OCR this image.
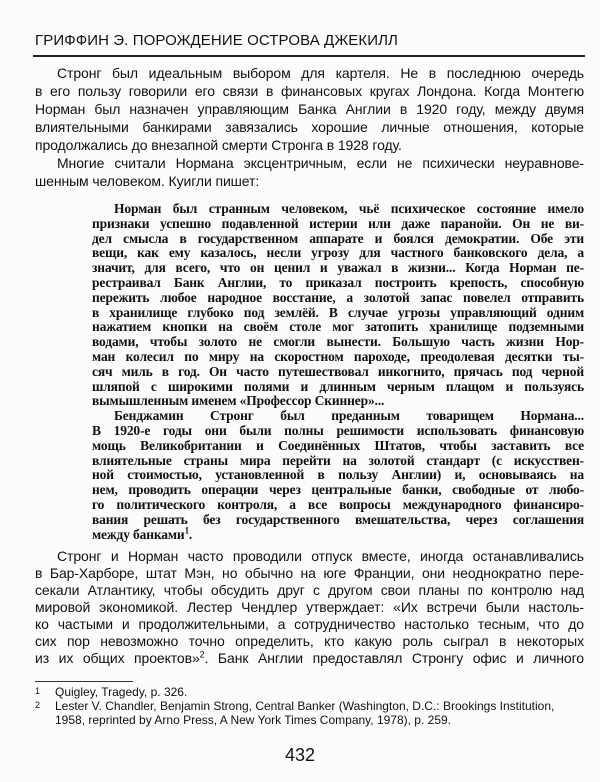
ГРИФФИН Э. ПОРОЖДЕНИЕ ОСТРОВА ДЖЕКИЛЛ
Стронг был идеальным выбором для картеля. Не в последнюю очередь
в его пользу говорили его связи в финансовых кругах Лондона. Когда Монтегю
Норман был назначен управляющим Банка Англии в 1920 году, между двумя
влиятельными банкирами завязались хорошие личные отношения, которые
продолжались до внезапной смерти Стронга в 1928 году.
Многие считали Нормана эксцентричным, если не психически неуравнове-
шенным человеком. Куигли пишет:
Норман был странным человеком, чьё психическое состояние имело
признаки успешно подавленной истерии или даже паранойи. Он не ви-
дел смысла в государственном аппарате и боялся демократии. Обе эти
вещи, как ему казалось, несли угрозу для частного банковского дела, а
значит, для всего, что он ценил и уважал в жизни... Когда Норман пе-
рестраивал Банк Англии, то приказал построить крепость, способную
пережить любое народное восстание, а золотой запас повелел отправить
в хранилище глубоко под землёй. В случае угрозы управляющий одним
нажатием кнопки на своём столе мог затопить хранилище подземными
водами, чтобы золото не смогли вынести. Большую часть жизни Нор-
ман колесил по миру на скоростном пароходе, преодолевая десятки ты-
сяч миль в год. Он часто путешествовал инкогнито, прячась под черной
шляпой с широкими полями и длинным черным плащом и пользуясь
вымышленным именем «Профессор Скиннер»...
Бенджамин Стронг был преданным товарищем Нормана...
В 1920-е годы они были полны решимости использовать финансовую
мощь Великобритании и Соединённых Штатов, чтобы заставить все
влиятельные страны мира перейти на золотой стандарт (с искусствен-
ной стоимостью, установленной в пользу Англии) и, основываясь на
нем, проводить операции через центральные банки, свободные от любо-
го политического контроля, а все вопросы международного финансиро-
вания решать без государственного вмешательства, через соглашения
между банками$^1$.
Стронг и Норман часто проводили отпуск вместе, иногда останавливались
в Бар-Харборе, штат Мэн, но обычно на юге Франции, они неоднократно пере-
секали Атлантику, чтобы обсудить друг с другом свои планы по контролю над
мировой экономикой. Лестер Чендлер утверждает: «Их встречи были настоль-
ко частыми и продолжительными, а сотрудничество настолько тесным, что до
сих пор невозможно точно определить, кто какую роль сыграл в некоторых
из их общих проектов»$^2$. Банк Англии предоставлял Стронгу офис и личного
1	Quigley, Tragedy, p. 326.
2	Lester V. Chandler, Benjamin Strong, Central Banker (Washington, D.C.: Brookings Institution, 1958, reprinted by Arno Press, A New York Times Company, 1978), p. 259.
432
